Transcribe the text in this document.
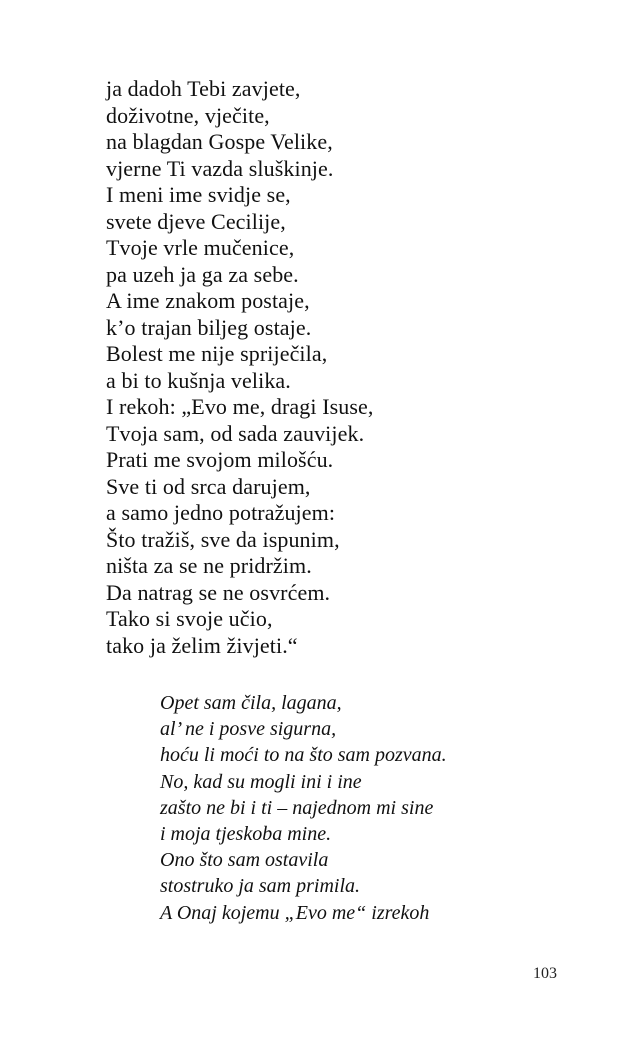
ja dadoh Tebi zavjete,
doživotne, vječite,
na blagdan Gospe Velike,
vjerne Ti vazda sluškinje.
I meni ime svidje se,
svete djeve Cecilije,
Tvoje vrle mučenice,
pa uzeh ja ga za sebe.
A ime znakom postaje,
k’o trajan biljeg ostaje.
Bolest me nije spriječila,
a bi to kušnja velika.
I rekoh: „Evo me, dragi Isuse,
Tvoja sam, od sada zauvijek.
Prati me svojom milošću.
Sve ti od srca darujem,
a samo jedno potražujem:
Što tražiš, sve da ispunim,
ništa za se ne pridržim.
Da natrag se ne osvrćem.
Tako si svoje učio,
tako ja želim živjeti.“
Opet sam čila, lagana,
al’ ne i posve sigurna,
hoću li moći to na što sam pozvana.
No, kad su mogli ini i ine
zašto ne bi i ti – najednom mi sine
i moja tjeskoba mine.
Ono što sam ostavila
stostruko ja sam primila.
A Onaj kojemu „Evo me“ izrekoh
103
